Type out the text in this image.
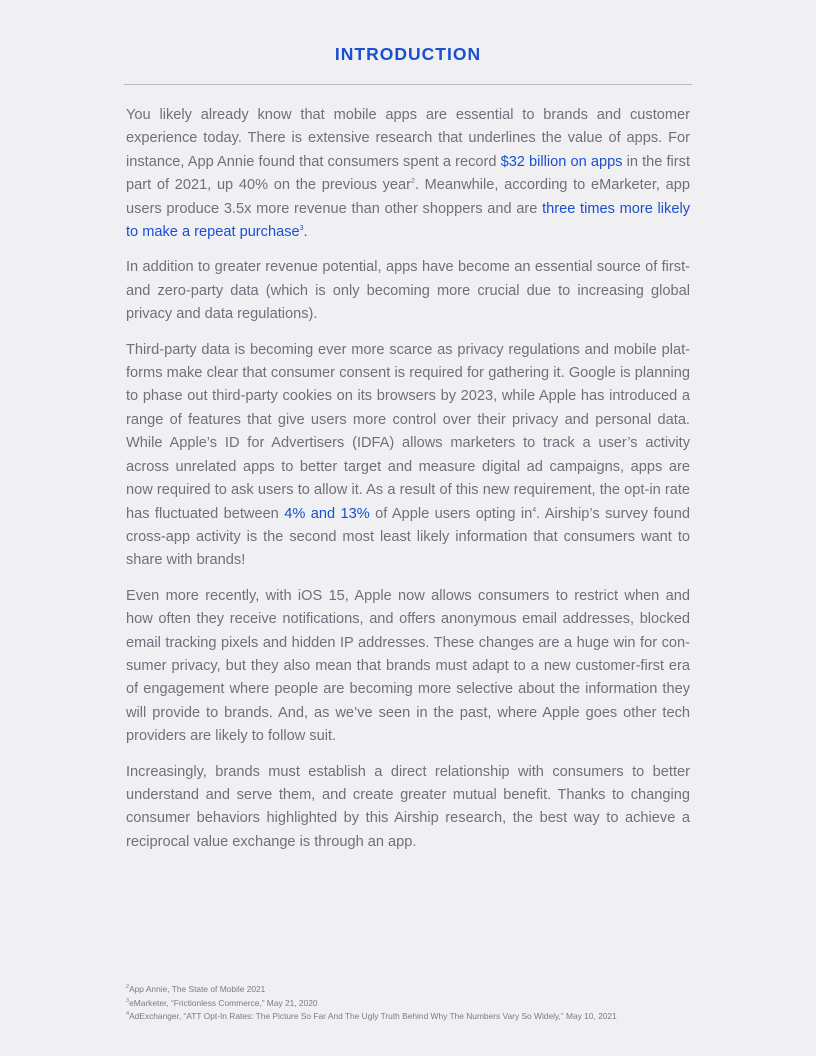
INTRODUCTION

You likely already know that mobile apps are essential to brands and customer experience today. There is extensive research that underlines the value of apps. For instance, App Annie found that consumers spent a record $32 billion on apps in the first part of 2021, up 40% on the previous year$^2$. Meanwhile, according to eMarketer, app users produce 3.5x more revenue than other shoppers and are three times more likely to make a repeat purchase$^3$.

In addition to greater revenue potential, apps have become an essential source of first- and zero-party data (which is only becoming more crucial due to increasing global privacy and data regulations).

Third-party data is becoming ever more scarce as privacy regulations and mobile platforms make clear that consumer consent is required for gathering it. Google is planning to phase out third-party cookies on its browsers by 2023, while Apple has introduced a range of features that give users more control over their privacy and personal data. While Apple’s ID for Advertisers (IDFA) allows marketers to track a user’s activity across unrelated apps to better target and measure digital ad campaigns, apps are now required to ask users to allow it. As a result of this new requirement, the opt-in rate has fluctuated between 4% and 13% of Apple users opting $in^4$. Airship’s survey found cross-app activity is the second most least likely information that consumers want to share with brands!

Even more recently, with iOS 15, Apple now allows consumers to restrict when and how often they receive notifications, and offers anonymous email addresses, blocked email tracking pixels and hidden IP addresses. These changes are a huge win for consumer privacy, but they also mean that brands must adapt to a new customer-first era of engagement where people are becoming more selective about the information they will provide to brands. And, as we’ve seen in the past, where Apple goes other tech providers are likely to follow suit.

Increasingly, brands must establish a direct relationship with consumers to better understand and serve them, and create greater mutual benefit. Thanks to changing consumer behaviors highlighted by this Airship research, the best way to achieve a reciprocal value exchange is through an app.

$^2$App Annie, The State of Mobile 2021
$^3$eMarketer, “Frictionless Commerce,” May 21, 2020
$^4$AdExchanger, “ATT Opt-In Rates: The Picture So Far And The Ugly Truth Behind Why The Numbers Vary So Widely,” May 10, 2021
